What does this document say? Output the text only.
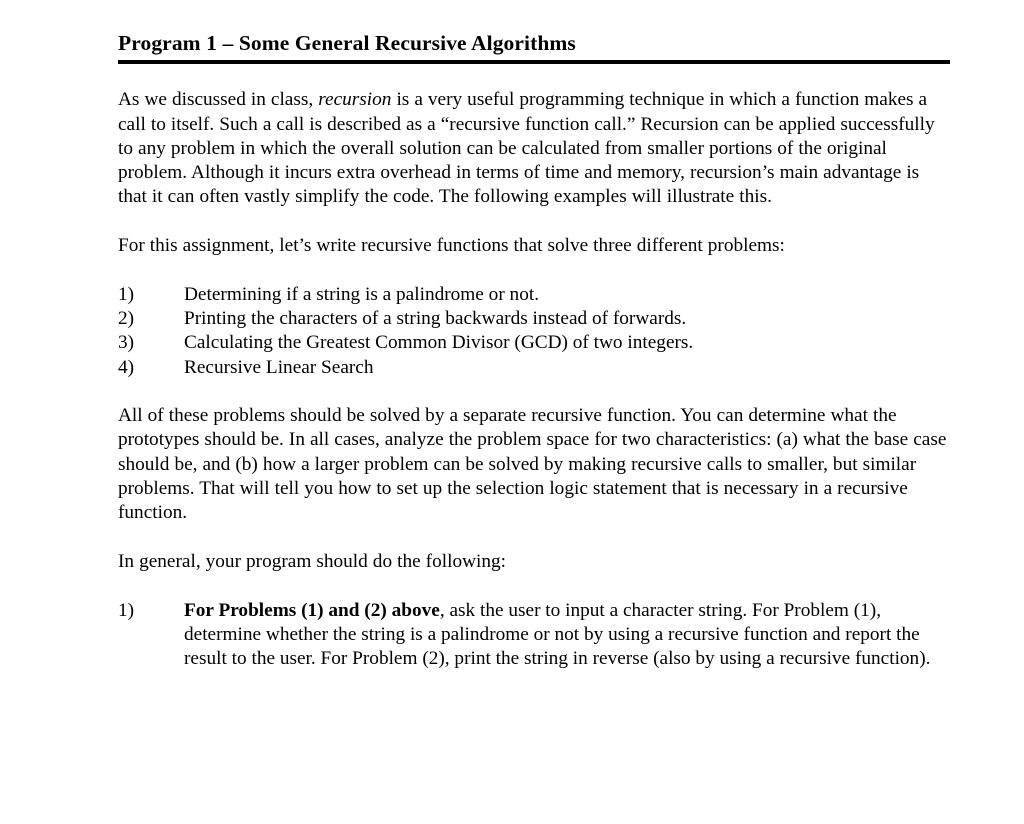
Program 1 – Some General Recursive Algorithms

As we discussed in class, recursion is a very useful programming technique in which a function makes a call to itself. Such a call is described as a “recursive function call.” Recursion can be applied successfully to any problem in which the overall solution can be calculated from smaller portions of the original problem. Although it incurs extra overhead in terms of time and memory, recursion’s main advantage is that it can often vastly simplify the code. The following examples will illustrate this.

For this assignment, let’s write recursive functions that solve three different problems:

1)	Determining if a string is a palindrome or not.
2)	Printing the characters of a string backwards instead of forwards.
3)	Calculating the Greatest Common Divisor (GCD) of two integers.
4)	Recursive Linear Search

All of these problems should be solved by a separate recursive function. You can determine what the prototypes should be. In all cases, analyze the problem space for two characteristics: (a) what the base case should be, and (b) how a larger problem can be solved by making recursive calls to smaller, but similar problems. That will tell you how to set up the selection logic statement that is necessary in a recursive function.

In general, your program should do the following:

1)	For Problems (1) and (2) above, ask the user to input a character string. For Problem (1), determine whether the string is a palindrome or not by using a recursive function and report the result to the user. For Problem (2), print the string in reverse (also by using a recursive function).
